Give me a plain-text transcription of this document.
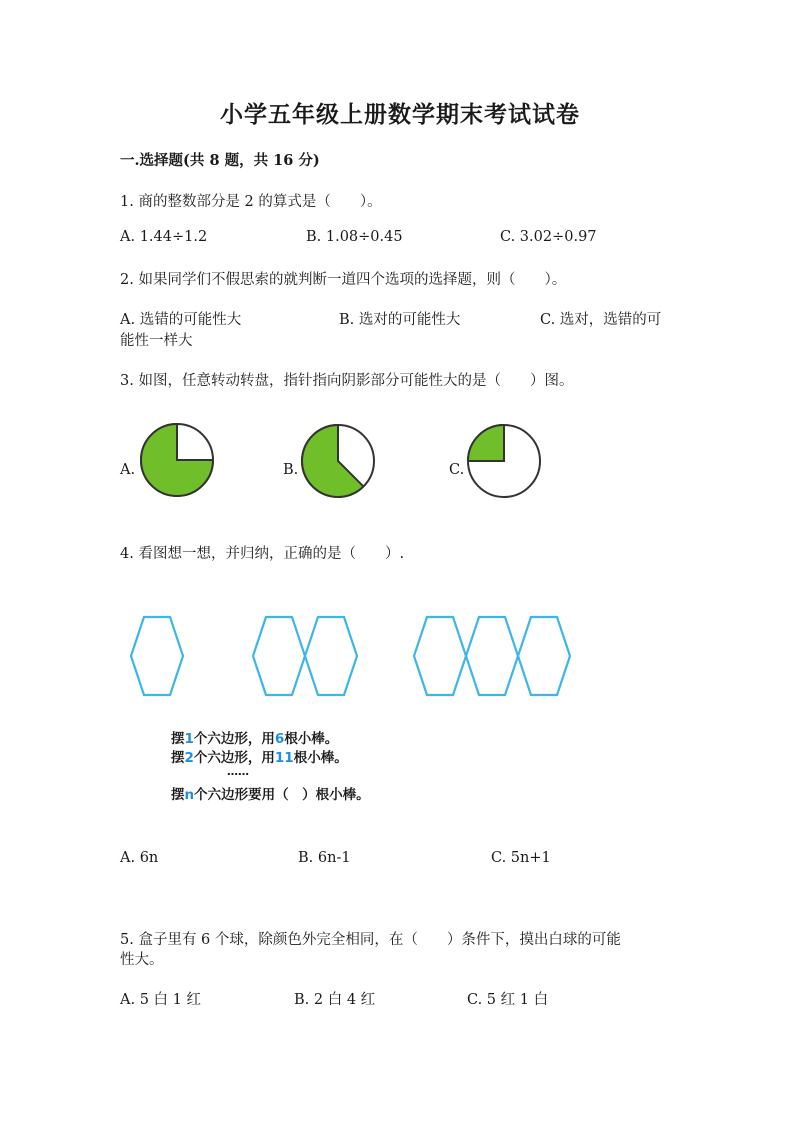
小学五年级上册数学期末考试试卷
一.选择题(共 8 题，共 16 分)
1. 商的整数部分是 2 的算式是（　　）。
A. 1.44÷1.2	B. 1.08÷0.45	C. 3.02÷0.97
2. 如果同学们不假思索的就判断一道四个选项的选择题，则（　　）。
A. 选错的可能性大	B. 选对的可能性大	C. 选对，选错的可
能性一样大
3. 如图，任意转动转盘，指针指向阴影部分可能性大的是（　　）图。
A.	B.	C.
4. 看图想一想，并归纳，正确的是（　　）.
摆1个六边形，用6根小棒。
摆2个六边形，用11根小棒。
……
摆n个六边形要用（　）根小棒。
A. 6n	B. 6n-1	C. 5n+1
5. 盒子里有 6 个球，除颜色外完全相同，在（　　）条件下，摸出白球的可能
性大。
A. 5 白 1 红	B. 2 白 4 红	C. 5 红 1 白
